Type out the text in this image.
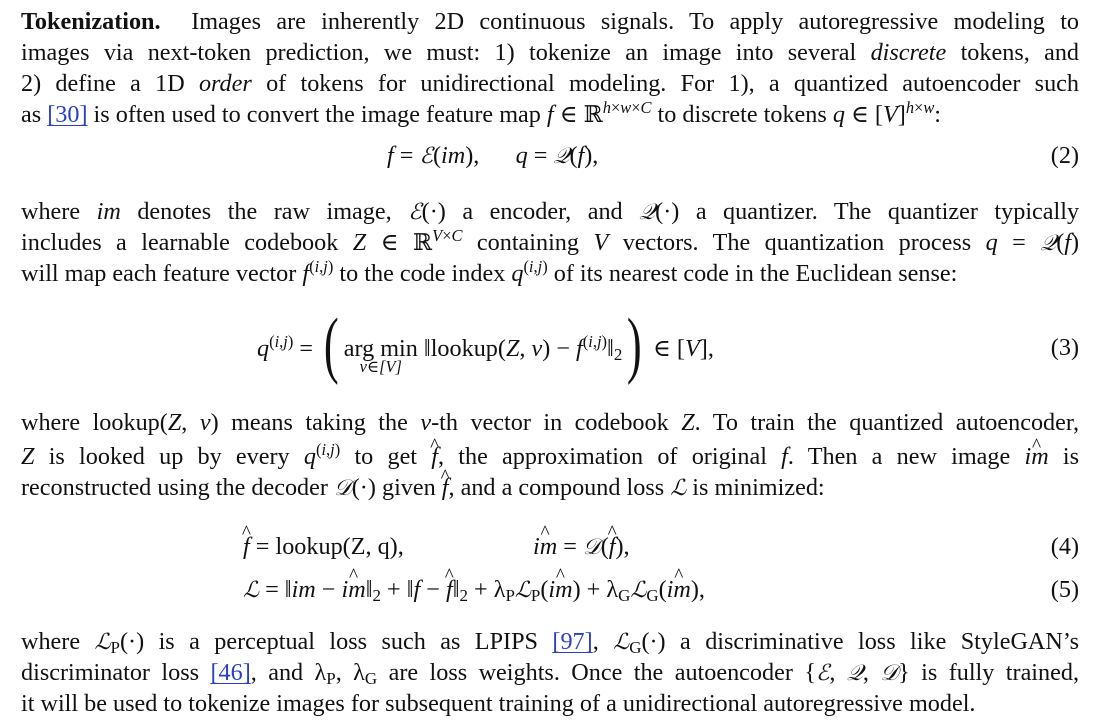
Tokenization. Images are inherently 2D continuous signals. To apply autoregressive modeling to
images via next-token prediction, we must: 1) tokenize an image into several discrete tokens, and
2) define a 1D order of tokens for unidirectional modeling. For 1), a quantized autoencoder such
as [30] is often used to convert the image feature map f ∈ ℝ$^{h\times w\times C}$ to discrete tokens q ∈ $[V]^{h\times w}$:
f = ℰ(im),      q = 𝒬(f),	(2)
where im denotes the raw image, ℰ(·) a encoder, and 𝒬(·) a quantizer. The quantizer typically
includes a learnable codebook Z ∈ ℝ$^{V\times C}$ containing V vectors. The quantization process q = 𝒬(f)
will map each feature vector $f^{(i,j)}$ to the code index $q^{(i,j)}$ of its nearest code in the Euclidean sense:
$q^{(i,j)}$ = ( arg min
v∈[V]
‖lookup(Z, $v) - f^{(i,j)}‖_2$) ∈ [V],	(3)
where lookup(Z, v) means taking the v-th vector in codebook Z. To train the quantized autoencoder,
Z is looked up by every $q^{(i,j)}$ to get ^ f, the approximation of original f. Then a new image ^ im is
reconstructed using the decoder 𝒟(·) given ^ f, and a compound loss ℒ is minimized:
^ f = lookup(Z, q),	^ im = 𝒟(^ f),	(4)
ℒ = ‖im − ^ $im‖_2$ + ‖f − ^ $f‖_2$ + $\lambda_Pℒ_P(\^{}$ $im) + \lambda_Gℒ_G(\^{}$ im),	(5)
where ℒ$_P$(·) is a perceptual loss such as LPIPS [97], ℒ$_G$(·) a discriminative loss like StyleGAN’s
discriminator loss [46], and $\lambda_P$, $\lambda_G$ are loss weights. Once the autoencoder {ℰ, 𝒬, 𝒟} is fully trained,
it will be used to tokenize images for subsequent training of a unidirectional autoregressive model.
